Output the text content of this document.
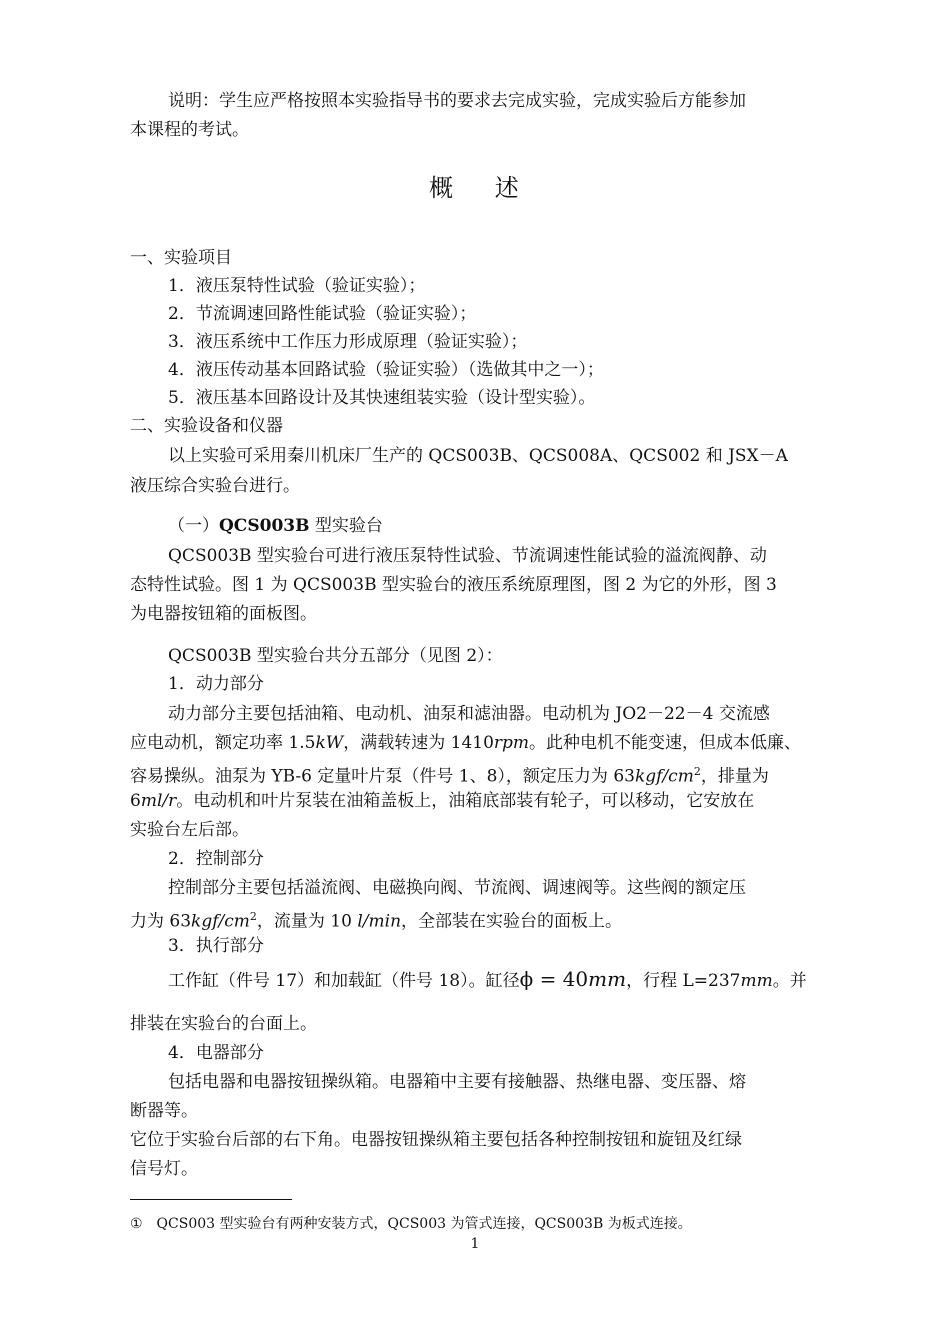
说明：学生应严格按照本实验指导书的要求去完成实验，完成实验后方能参加
本课程的考试。
概 述
一、实验项目
1．液压泵特性试验（验证实验）；
2．节流调速回路性能试验（验证实验）；
3．液压系统中工作压力形成原理（验证实验）；
4．液压传动基本回路试验（验证实验）（选做其中之一）；
5．液压基本回路设计及其快速组装实验（设计型实验）。
二、实验设备和仪器
以上实验可采用秦川机床厂生产的 QCS003B、QCS008A、QCS002 和 JSX－A
液压综合实验台进行。
（一）QCS003B 型实验台
QCS003B 型实验台可进行液压泵特性试验、节流调速性能试验的溢流阀静、动
态特性试验。图 1 为 QCS003B 型实验台的液压系统原理图，图 2 为它的外形，图 3
为电器按钮箱的面板图。
QCS003B 型实验台共分五部分（见图 2）：
1．动力部分
动力部分主要包括油箱、电动机、油泵和滤油器。电动机为 JO2－22－4 交流感
应电动机，额定功率 1.5kW，满载转速为 1410rpm。此种电机不能变速，但成本低廉、
容易操纵。油泵为 YB-6 定量叶片泵（件号 1、8），额定压力为 $63kgf/cm^2$，排量为
6ml/r。电动机和叶片泵装在油箱盖板上，油箱底部装有轮子，可以移动，它安放在
实验台左后部。
2．控制部分
控制部分主要包括溢流阀、电磁换向阀、节流阀、调速阀等。这些阀的额定压
力为 $63kgf/cm^2$，流量为 10 l/min，全部装在实验台的面板上。
3．执行部分
工作缸（件号 17）和加载缸（件号 18）。缸径ϕ = 40mm，行程 L=237mm。并
排装在实验台的台面上。
4．电器部分
包括电器和电器按钮操纵箱。电器箱中主要有接触器、热继电器、变压器、熔
断器等。
它位于实验台后部的右下角。电器按钮操纵箱主要包括各种控制按钮和旋钮及红绿
信号灯。
①　QCS003 型实验台有两种安装方式，QCS003 为管式连接，QCS003B 为板式连接。
1
